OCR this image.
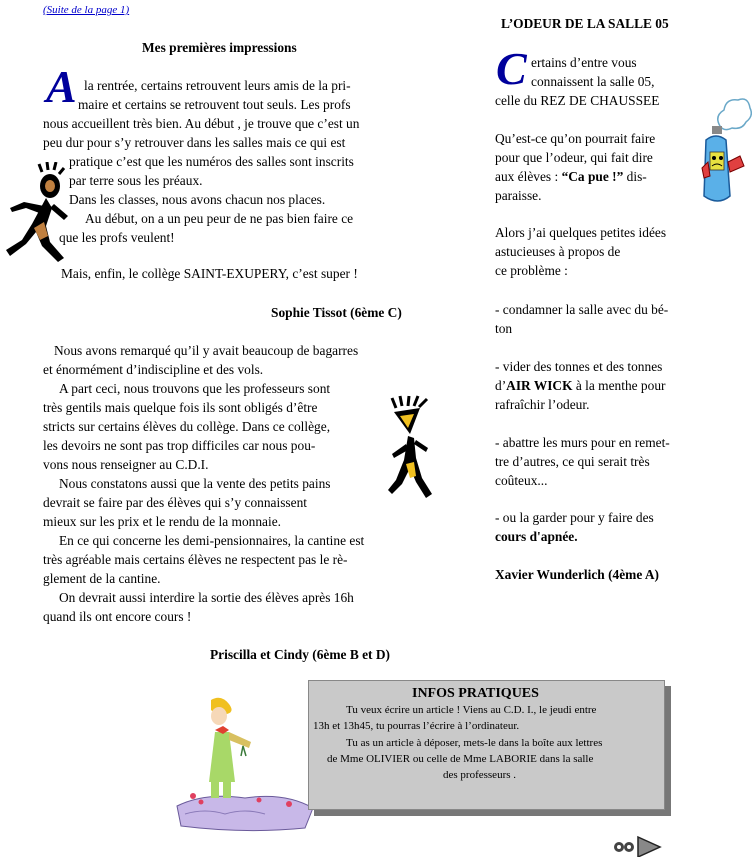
(Suite de la page 1)
Mes premières impressions
A la rentrée, certains retrouvent leurs amis de la pri-
maire et certains se retrouvent tout seuls. Les profs
nous accueillent très bien. Au début , je trouve que c’est un
peu dur pour s’y retrouver dans les salles mais ce qui est
pratique c’est que les numéros des salles sont inscrits
par terre sous les préaux.
Dans les classes, nous avons chacun nos places.
Au début, on a un peu peur de ne pas bien faire ce
que les profs veulent!
Mais, enfin, le collège SAINT-EXUPERY, c’est super !
Sophie Tissot (6ème C)
Nous avons remarqué qu’il y avait beaucoup de bagarres
et énormément d’indiscipline et des vols.
A part ceci, nous trouvons que les professeurs sont
très gentils mais quelque fois ils sont obligés d’être
stricts sur certains élèves du collège. Dans ce collège,
les devoirs ne sont pas trop difficiles car nous pou-
vons nous renseigner au C.D.I.
Nous constatons aussi que la vente des petits pains
devrait se faire par des élèves qui s’y connaissent
mieux sur les prix et le rendu de la monnaie.
En ce qui concerne les demi-pensionnaires, la cantine est
très agréable mais certains élèves ne respectent pas le rè-
glement de la cantine.
On devrait aussi interdire la sortie des élèves après 16h
quand ils ont encore cours !
Priscilla et Cindy (6ème B et D)
L’ODEUR DE LA SALLE 05
C ertains d’entre vous
connaissent la salle 05,
celle du REZ DE CHAUSSEE
Qu’est-ce qu’on pourrait faire
pour que l’odeur, qui fait dire
aux élèves : “Ca pue !” dis-
paraisse.
Alors j’ai quelques petites idées
astucieuses à propos de
ce problème :
- condamner la salle avec du bé-
ton
- vider des tonnes et des tonnes
d’AIR WICK à la menthe pour
rafraîchir l’odeur.
- abattre les murs pour en remet-
tre d’autres, ce qui serait très
coûteux...
- ou la garder pour y faire des
cours d'apnée.
Xavier Wunderlich (4ème A)
INFOS PRATIQUES
Tu veux écrire un article ! Viens au C.D. I., le jeudi entre
13h et 13h45, tu pourras l’écrire à l’ordinateur.
Tu as un article à déposer, mets-le dans la boîte aux lettres
de Mme OLIVIER ou celle de Mme LABORIE dans la salle
des professeurs .
